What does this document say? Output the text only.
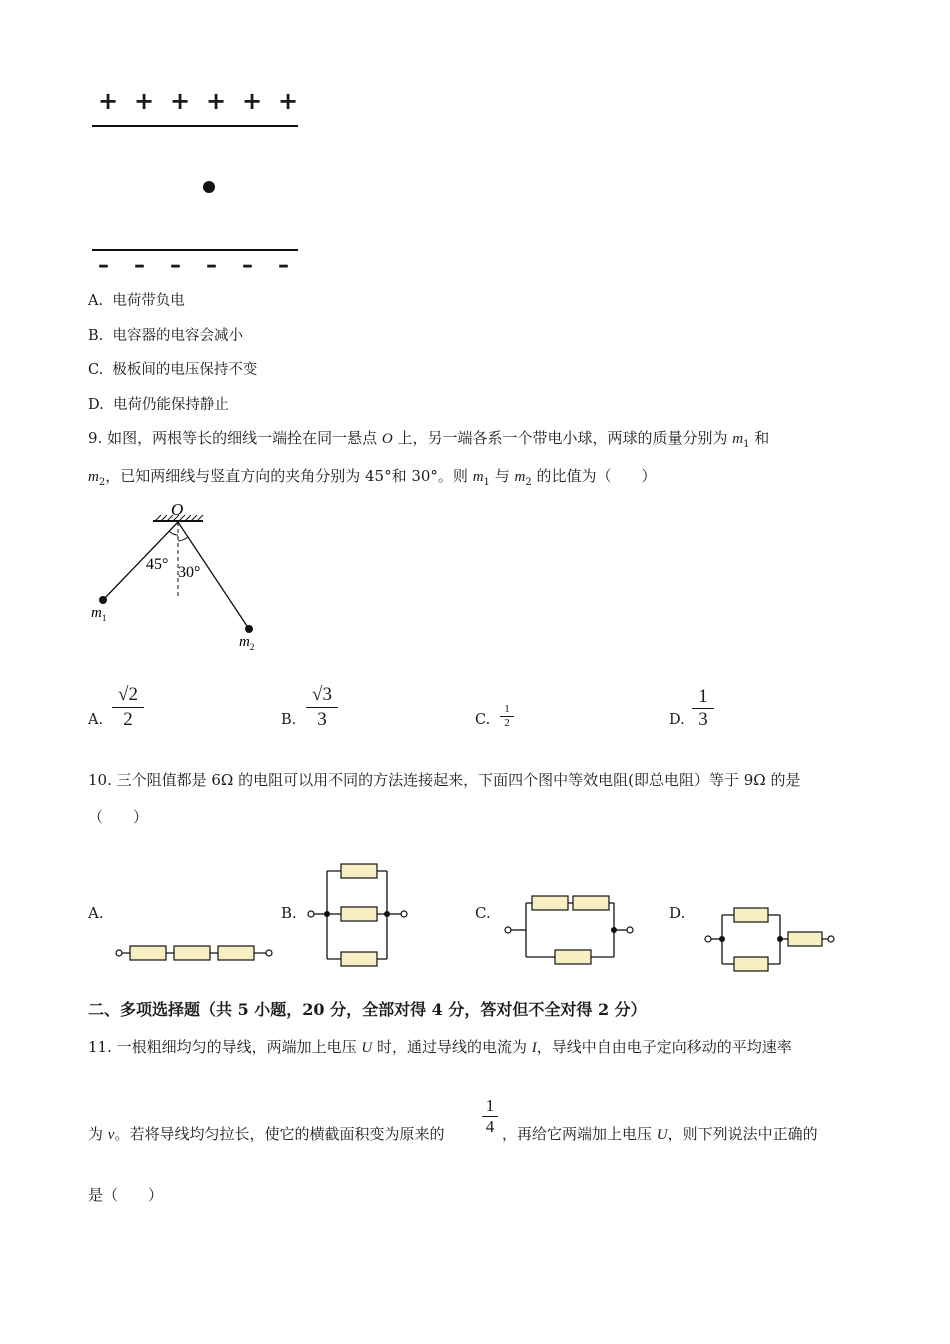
+ + + + + +
– – – – – –
A. 电荷带负电
B. 电容器的电容会减小
C. 极板间的电压保持不变
D. 电荷仍能保持静止
9. 如图，两根等长的细线一端拴在同一悬点 O 上，另一端各系一个带电小球，两球的质量分别为 $m_1$ 和
$m_2$，已知两细线与竖直方向的夹角分别为 45°和 30°。则 $m_1$ 与 $m_2$ 的比值为（　　）
O
45° 30°
$m_1$
$m_2$
A.
√2
2	B.
√3
3	C.
1
2	D.
1
3
10. 三个阻值都是 6Ω 的电阻可以用不同的方法连接起来，下面四个图中等效电阻(即总电阻）等于 9Ω 的是
（　　）
A.	B.	C.	D.
二、多项选择题（共 5 小题，20 分，全部对得 4 分，答对但不全对得 2 分）
11. 一根粗细均匀的导线，两端加上电压 U 时，通过导线的电流为 I，导线中自由电子定向移动的平均速率
1
4
为 v。若将导线均匀拉长，使它的横截面积变为原来的	，再给它两端加上电压 U，则下列说法中正确的
是（　　）
